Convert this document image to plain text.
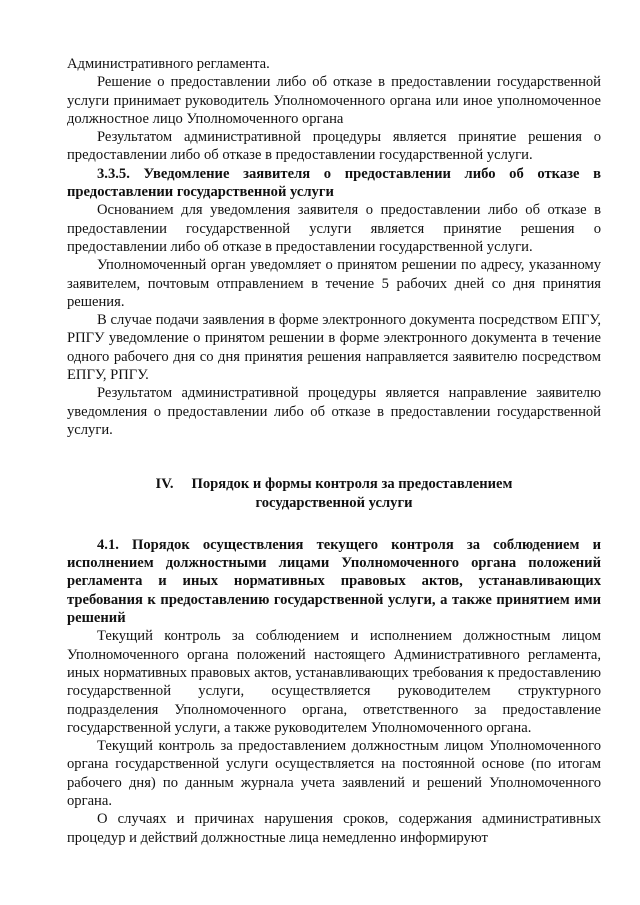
Административного регламента.

Решение о предоставлении либо об отказе в предоставлении государственной услуги принимает руководитель Уполномоченного органа или иное уполномоченное должностное лицо Уполномоченного органа

Результатом административной процедуры является принятие решения о предоставлении либо об отказе в предоставлении государственной услуги.

3.3.5. Уведомление заявителя о предоставлении либо об отказе в предоставлении государственной услуги

Основанием для уведомления заявителя о предоставлении либо об отказе в предоставлении государственной услуги является принятие решения о предоставлении либо об отказе в предоставлении государственной услуги.

Уполномоченный орган уведомляет о принятом решении по адресу, указанному заявителем, почтовым отправлением в течение 5 рабочих дней со дня принятия решения.

В случае подачи заявления в форме электронного документа посредством ЕПГУ, РПГУ уведомление о принятом решении в форме электронного документа в течение одного рабочего дня со дня принятия решения направляется заявителю посредством ЕПГУ, РПГУ.

Результатом административной процедуры является направление заявителю уведомления о предоставлении либо об отказе в предоставлении государственной услуги.

IV. Порядок и формы контроля за предоставлением
государственной услуги

4.1. Порядок осуществления текущего контроля за соблюдением и исполнением должностными лицами Уполномоченного органа положений регламента и иных нормативных правовых актов, устанавливающих требования к предоставлению государственной услуги, а также принятием ими решений

Текущий контроль за соблюдением и исполнением должностным лицом Уполномоченного органа положений настоящего Административного регламента, иных нормативных правовых актов, устанавливающих требования к предоставлению государственной услуги, осуществляется руководителем структурного подразделения Уполномоченного органа, ответственного за предоставление государственной услуги, а также руководителем Уполномоченного органа.

Текущий контроль за предоставлением должностным лицом Уполномоченного органа государственной услуги осуществляется на постоянной основе (по итогам рабочего дня) по данным журнала учета заявлений и решений Уполномоченного органа.

О случаях и причинах нарушения сроков, содержания административных процедур и действий должностные лица немедленно информируют
